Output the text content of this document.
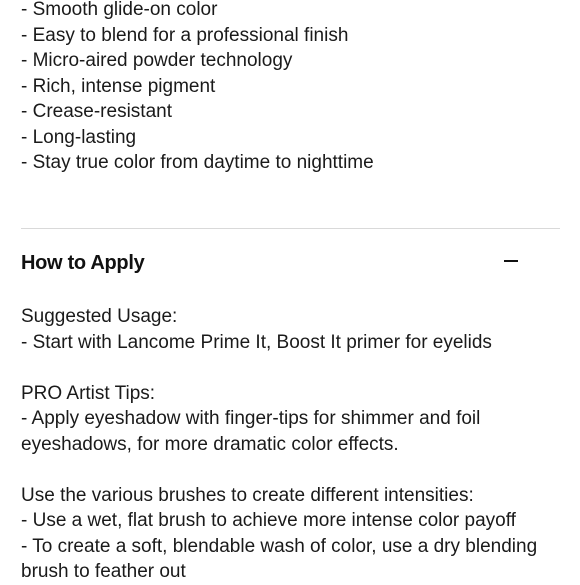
- Smooth glide-on color
- Easy to blend for a professional finish
- Micro-aired powder technology
- Rich, intense pigment
- Crease-resistant
- Long-lasting
- Stay true color from daytime to nighttime
How to Apply
Suggested Usage:
- Start with Lancome Prime It, Boost It primer for eyelids
PRO Artist Tips:
- Apply eyeshadow with finger-tips for shimmer and foil eyeshadows, for more dramatic color effects.
Use the various brushes to create different intensities:
- Use a wet, flat brush to achieve more intense color payoff
- To create a soft, blendable wash of color, use a dry blending brush to feather out
